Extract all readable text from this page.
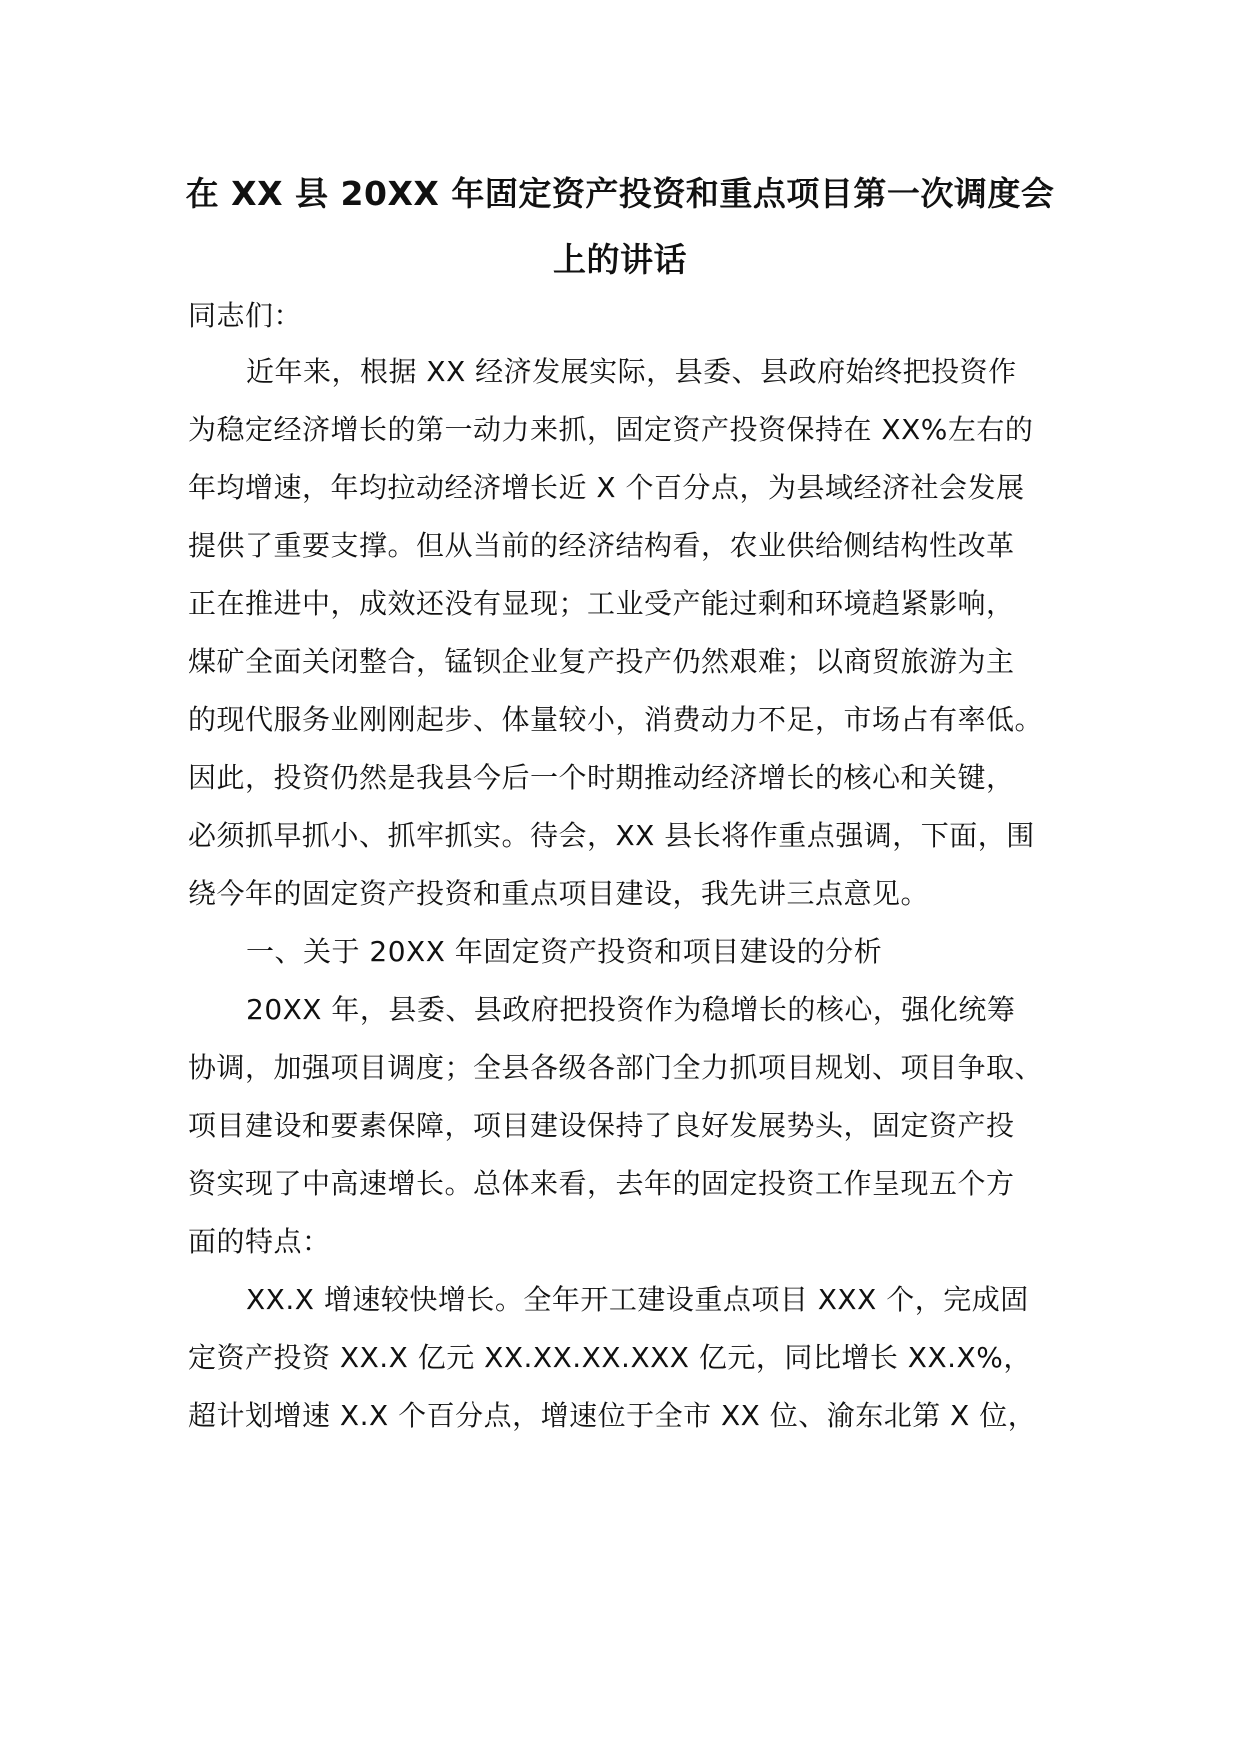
在 XX 县 20XX 年固定资产投资和重点项目第一次调度会
上的讲话
同志们：
近年来，根据 XX 经济发展实际，县委、县政府始终把投资作
为稳定经济增长的第一动力来抓，固定资产投资保持在 XX%左右的
年均增速，年均拉动经济增长近 X 个百分点，为县域经济社会发展
提供了重要支撑。但从当前的经济结构看，农业供给侧结构性改革
正在推进中，成效还没有显现；工业受产能过剩和环境趋紧影响，
煤矿全面关闭整合，锰钡企业复产投产仍然艰难；以商贸旅游为主
的现代服务业刚刚起步、体量较小，消费动力不足，市场占有率低。
因此，投资仍然是我县今后一个时期推动经济增长的核心和关键，
必须抓早抓小、抓牢抓实。待会，XX 县长将作重点强调，下面，围
绕今年的固定资产投资和重点项目建设，我先讲三点意见。
一、关于 20XX 年固定资产投资和项目建设的分析
20XX 年，县委、县政府把投资作为稳增长的核心，强化统筹
协调，加强项目调度；全县各级各部门全力抓项目规划、项目争取、
项目建设和要素保障，项目建设保持了良好发展势头，固定资产投
资实现了中高速增长。总体来看，去年的固定投资工作呈现五个方
面的特点：
XX.X 增速较快增长。全年开工建设重点项目 XXX 个，完成固
定资产投资 XX.X 亿元 XX.XX.XX.XXX 亿元，同比增长 XX.X%，
超计划增速 X.X 个百分点，增速位于全市 XX 位、渝东北第 X 位，
